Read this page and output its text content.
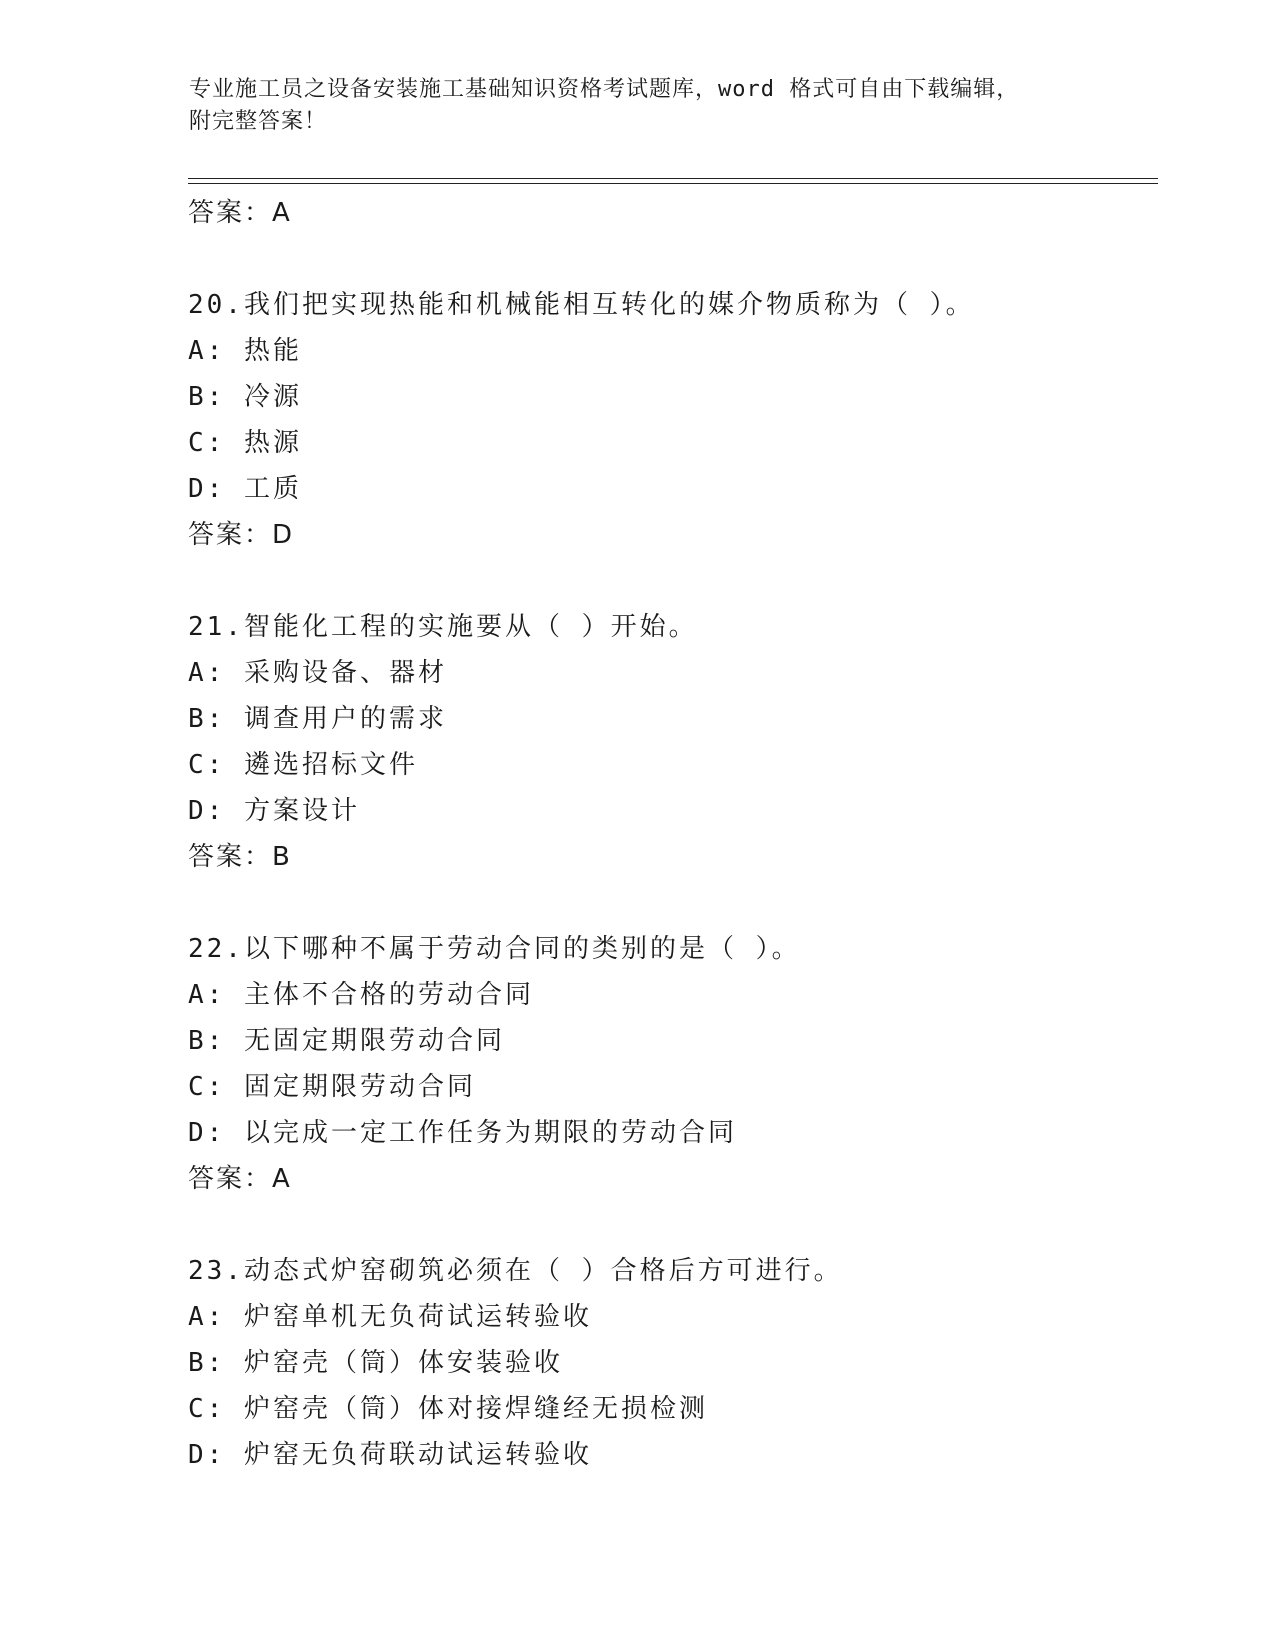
专业施工员之设备安装施工基础知识资格考试题库，word 格式可自由下载编辑，
附完整答案！
答案：A
20.我们把实现热能和机械能相互转化的媒介物质称为（ ）。
A: 热能
B: 冷源
C: 热源
D: 工质
答案：D
21.智能化工程的实施要从（ ）开始。
A: 采购设备、器材
B: 调查用户的需求
C: 遴选招标文件
D: 方案设计
答案：B
22.以下哪种不属于劳动合同的类别的是（ ）。
A: 主体不合格的劳动合同
B: 无固定期限劳动合同
C: 固定期限劳动合同
D: 以完成一定工作任务为期限的劳动合同
答案：A
23.动态式炉窑砌筑必须在（ ）合格后方可进行。
A: 炉窑单机无负荷试运转验收
B: 炉窑壳（筒）体安装验收
C: 炉窑壳（筒）体对接焊缝经无损检测
D: 炉窑无负荷联动试运转验收
